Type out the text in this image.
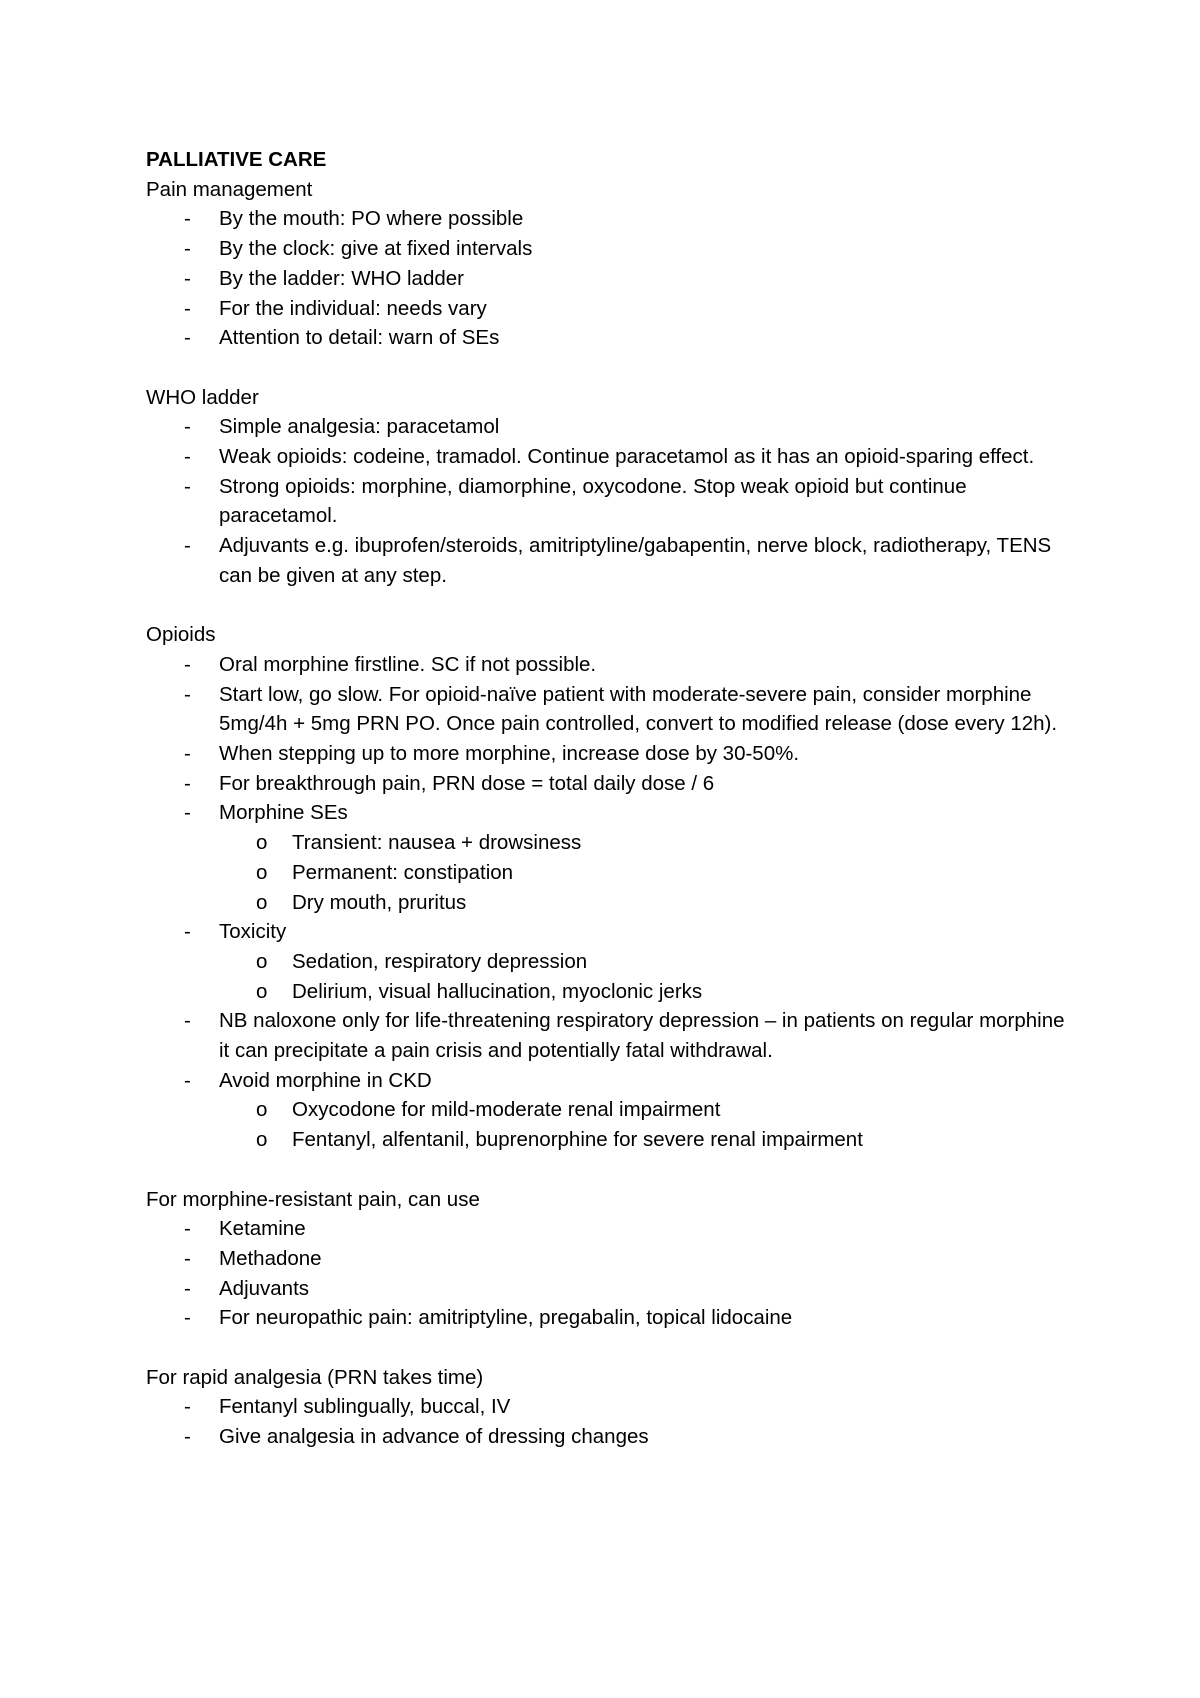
PALLIATIVE CARE
Pain management
- By the mouth: PO where possible
- By the clock: give at fixed intervals
- By the ladder: WHO ladder
- For the individual: needs vary
- Attention to detail: warn of SEs
WHO ladder
- Simple analgesia: paracetamol
- Weak opioids: codeine, tramadol. Continue paracetamol as it has an opioid-sparing effect.
- Strong opioids: morphine, diamorphine, oxycodone. Stop weak opioid but continue paracetamol.
- Adjuvants e.g. ibuprofen/steroids, amitriptyline/gabapentin, nerve block, radiotherapy, TENS can be given at any step.
Opioids
- Oral morphine firstline. SC if not possible.
- Start low, go slow. For opioid-naïve patient with moderate-severe pain, consider morphine 5mg/4h + 5mg PRN PO. Once pain controlled, convert to modified release (dose every 12h).
- When stepping up to more morphine, increase dose by 30-50%.
- For breakthrough pain, PRN dose = total daily dose / 6
- Morphine SEs
o Transient: nausea + drowsiness
o Permanent: constipation
o Dry mouth, pruritus
- Toxicity
o Sedation, respiratory depression
o Delirium, visual hallucination, myoclonic jerks
- NB naloxone only for life-threatening respiratory depression – in patients on regular morphine it can precipitate a pain crisis and potentially fatal withdrawal.
- Avoid morphine in CKD
o Oxycodone for mild-moderate renal impairment
o Fentanyl, alfentanil, buprenorphine for severe renal impairment
For morphine-resistant pain, can use
- Ketamine
- Methadone
- Adjuvants
- For neuropathic pain: amitriptyline, pregabalin, topical lidocaine
For rapid analgesia (PRN takes time)
- Fentanyl sublingually, buccal, IV
- Give analgesia in advance of dressing changes
